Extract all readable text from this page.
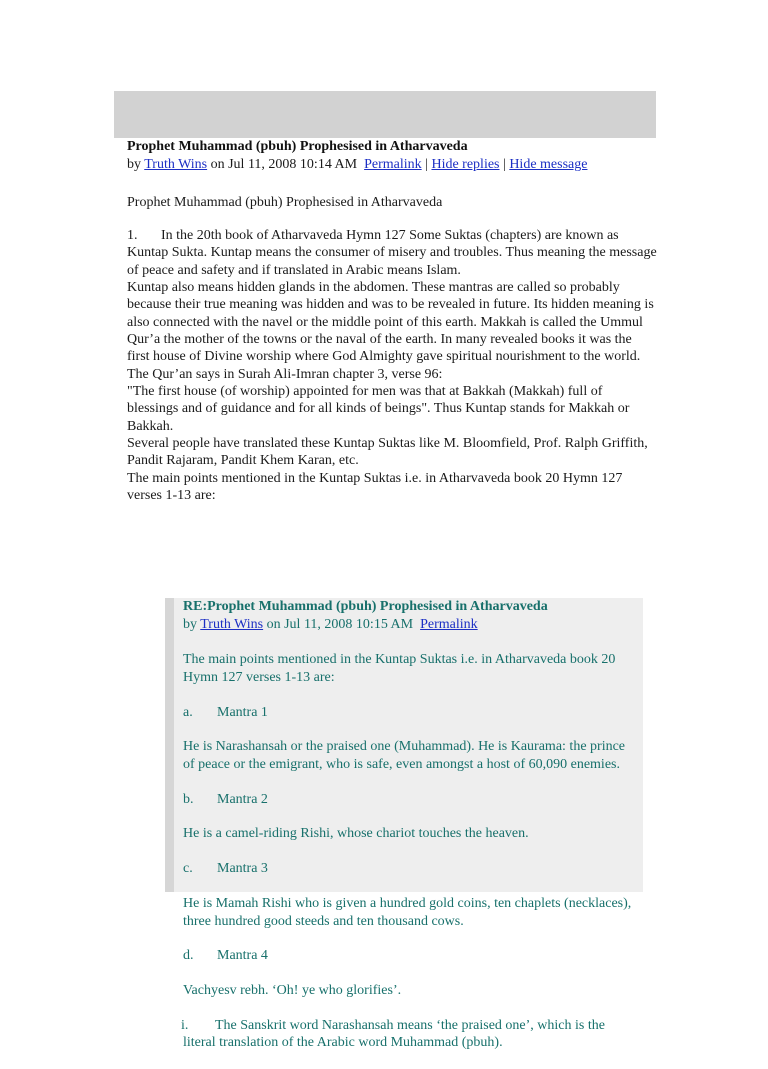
Prophet Muhammad (pbuh) Prophesised in Atharvaveda

by Truth Wins on Jul 11, 2008 10:14 AM Permalink | Hide replies | Hide message

Prophet Muhammad (pbuh) Prophesised in Atharvaveda
1. In the 20th book of Atharvaveda Hymn 127 Some Suktas (chapters) are known as Kuntap Sukta. Kuntap means the consumer of misery and troubles. Thus meaning the message of peace and safety and if translated in Arabic means Islam.
Kuntap also means hidden glands in the abdomen. These mantras are called so probably because their true meaning was hidden and was to be revealed in future. Its hidden meaning is also connected with the navel or the middle point of this earth. Makkah is called the Ummul Qur’a the mother of the towns or the naval of the earth. In many revealed books it was the first house of Divine worship where God Almighty gave spiritual nourishment to the world. The Qur’an says in Surah Ali-Imran chapter 3, verse 96:
"The first house (of worship) appointed for men was that at Bakkah (Makkah) full of blessings and of guidance and for all kinds of beings". Thus Kuntap stands for Makkah or Bakkah.
Several people have translated these Kuntap Suktas like M. Bloomfield, Prof. Ralph Griffith, Pandit Rajaram, Pandit Khem Karan, etc.
The main points mentioned in the Kuntap Suktas i.e. in Atharvaveda book 20 Hymn 127 verses 1-13 are:

RE:Prophet Muhammad (pbuh) Prophesised in Atharvaveda

by Truth Wins on Jul 11, 2008 10:15 AM Permalink

The main points mentioned in the Kuntap Suktas i.e. in Atharvaveda book 20 Hymn 127 verses 1-13 are:

a. Mantra 1

He is Narashansah or the praised one (Muhammad). He is Kaurama: the prince of peace or the emigrant, who is safe, even amongst a host of 60,090 enemies.

b. Mantra 2

He is a camel-riding Rishi, whose chariot touches the heaven.

c. Mantra 3

He is Mamah Rishi who is given a hundred gold coins, ten chaplets (necklaces), three hundred good steeds and ten thousand cows.

d. Mantra 4

Vachyesv rebh. ‘Oh! ye who glorifies’.

i. The Sanskrit word Narashansah means ‘the praised one’, which is the literal translation of the Arabic word Muhammad (pbuh).
